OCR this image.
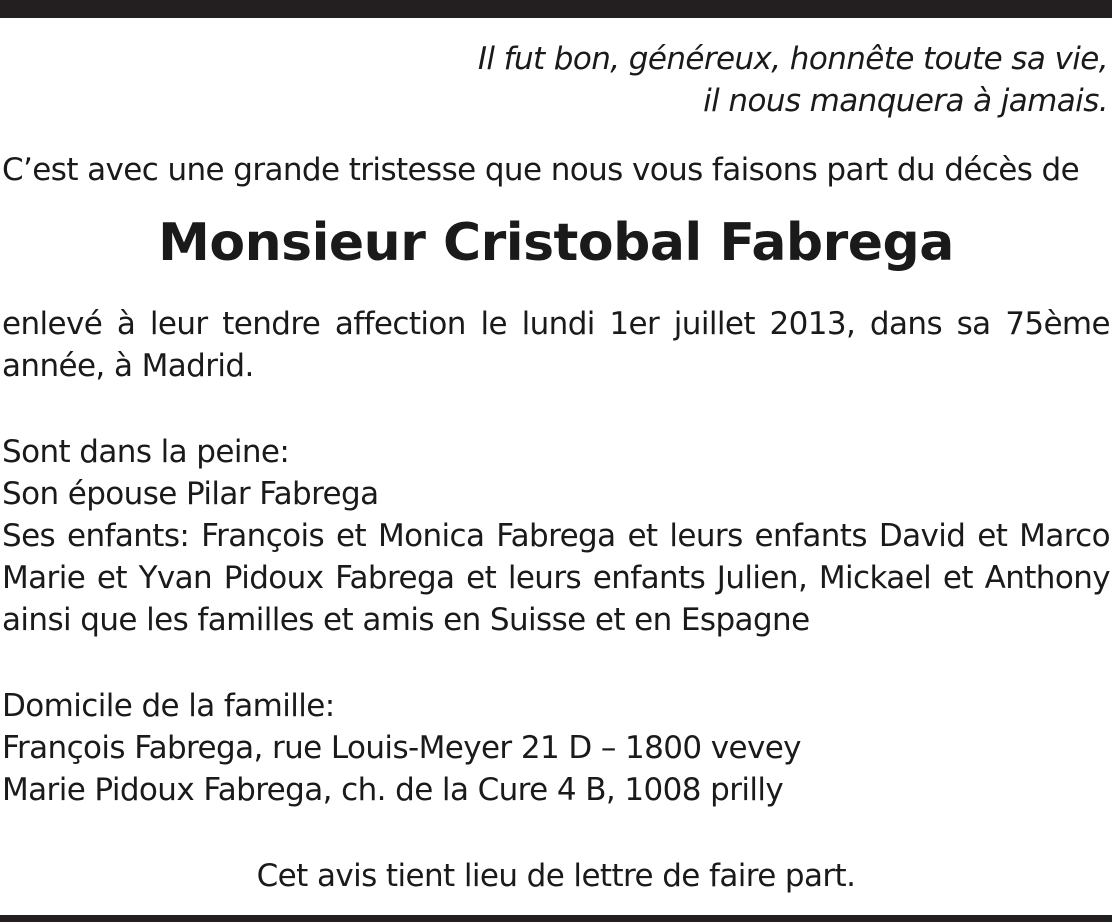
Il fut bon, généreux, honnête toute sa vie,
il nous manquera à jamais.
C’est avec une grande tristesse que nous vous faisons part du décès de
Monsieur Cristobal Fabrega
enlevé à leur tendre affection le lundi 1er juillet 2013, dans sa 75ème
année, à Madrid.
Sont dans la peine:
Son épouse Pilar Fabrega
Ses enfants: François et Monica Fabrega et leurs enfants David et Marco
Marie et Yvan Pidoux Fabrega et leurs enfants Julien, Mickael et Anthony
ainsi que les familles et amis en Suisse et en Espagne
Domicile de la famille:
François Fabrega, rue Louis-Meyer 21 D – 1800 vevey
Marie Pidoux Fabrega, ch. de la Cure 4 B, 1008 prilly
Cet avis tient lieu de lettre de faire part.
